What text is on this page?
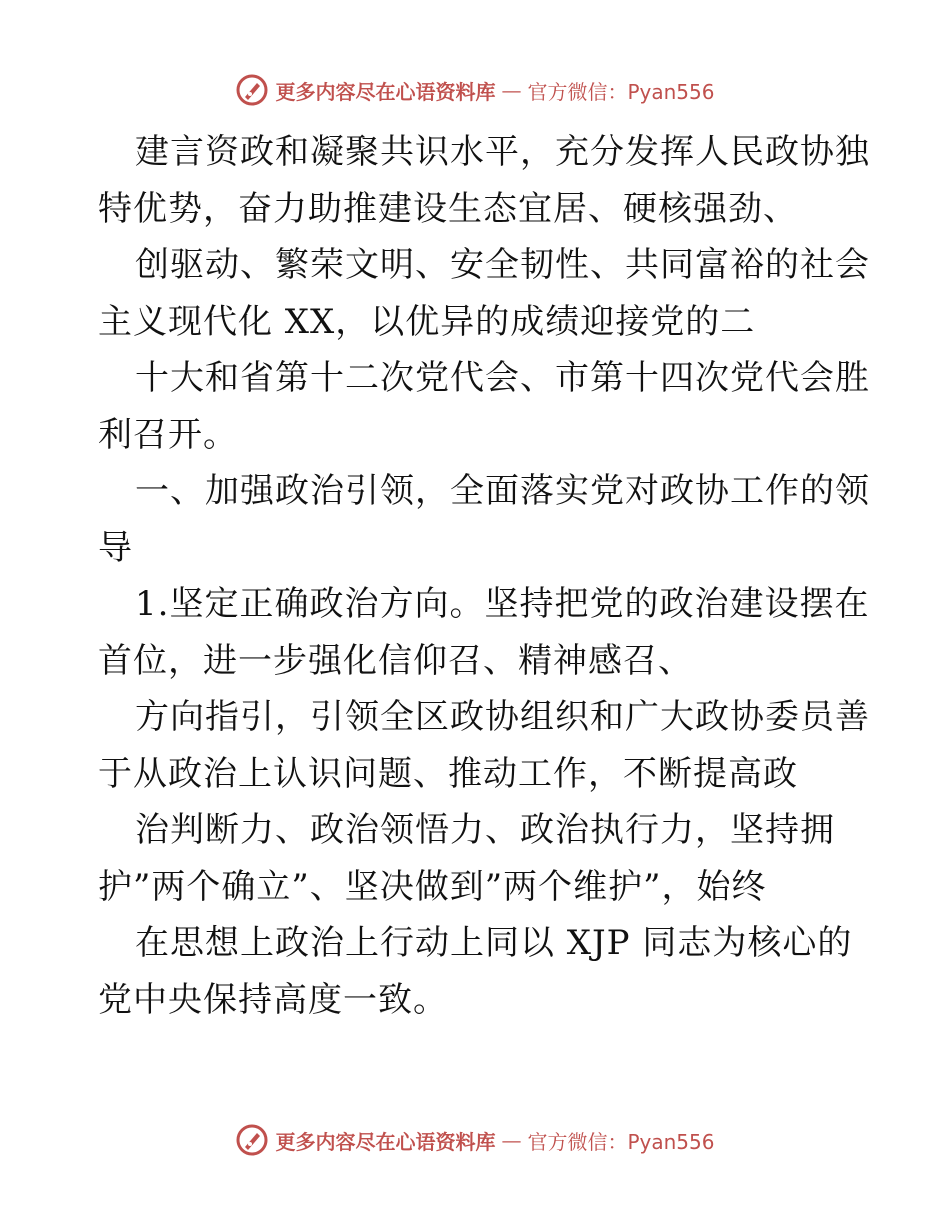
更多内容尽在心语资料库 — 官方微信：Pyan556
建言资政和凝聚共识水平，充分发挥人民政协独
特优势，奋力助推建设生态宜居、硬核强劲、
创驱动、繁荣文明、安全韧性、共同富裕的社会
主义现代化 XX，以优异的成绩迎接党的二
十大和省第十二次党代会、市第十四次党代会胜
利召开。
一、加强政治引领，全面落实党对政协工作的领
导
1.坚定正确政治方向。坚持把党的政治建设摆在
首位，进一步强化信仰召、精神感召、
方向指引，引领全区政协组织和广大政协委员善
于从政治上认识问题、推动工作，不断提高政
治判断力、政治领悟力、政治执行力，坚持拥
护”两个确立”、坚决做到”两个维护”，始终
在思想上政治上行动上同以 XJP 同志为核心的
党中央保持高度一致。
更多内容尽在心语资料库 — 官方微信：Pyan556
